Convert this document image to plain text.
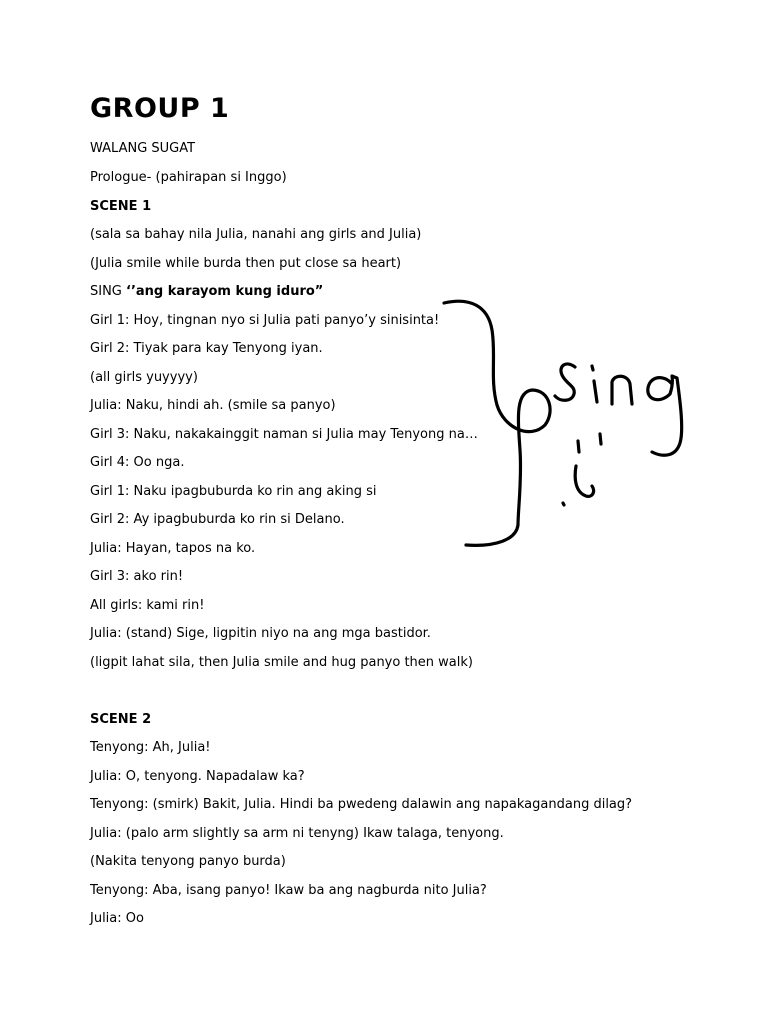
GROUP 1
WALANG SUGAT
Prologue- (pahirapan si Inggo)
SCENE 1
(sala sa bahay nila Julia, nanahi ang girls and Julia)
(Julia smile while burda then put close sa heart)
SING ‘’ang karayom kung iduro”
Girl 1: Hoy, tingnan nyo si Julia pati panyo’y sinisinta!
Girl 2: Tiyak para kay Tenyong iyan.
(all girls yuyyyy)
Julia: Naku, hindi ah. (smile sa panyo)
Girl 3: Naku, nakakainggit naman si Julia may Tenyong na…
Girl 4: Oo nga.
Girl 1: Naku ipagbuburda ko rin ang aking si
Girl 2: Ay ipagbuburda ko rin si Delano.
Julia: Hayan, tapos na ko.
Girl 3: ako rin!
All girls: kami rin!
Julia: (stand) Sige, ligpitin niyo na ang mga bastidor.
(ligpit lahat sila, then Julia smile and hug panyo then walk)
SCENE 2
Tenyong: Ah, Julia!
Julia: O, tenyong. Napadalaw ka?
Tenyong: (smirk) Bakit, Julia. Hindi ba pwedeng dalawin ang napakagandang dilag?
Julia: (palo arm slightly sa arm ni tenyng) Ikaw talaga, tenyong.
(Nakita tenyong panyo burda)
Tenyong: Aba, isang panyo! Ikaw ba ang nagburda nito Julia?
Julia: Oo
